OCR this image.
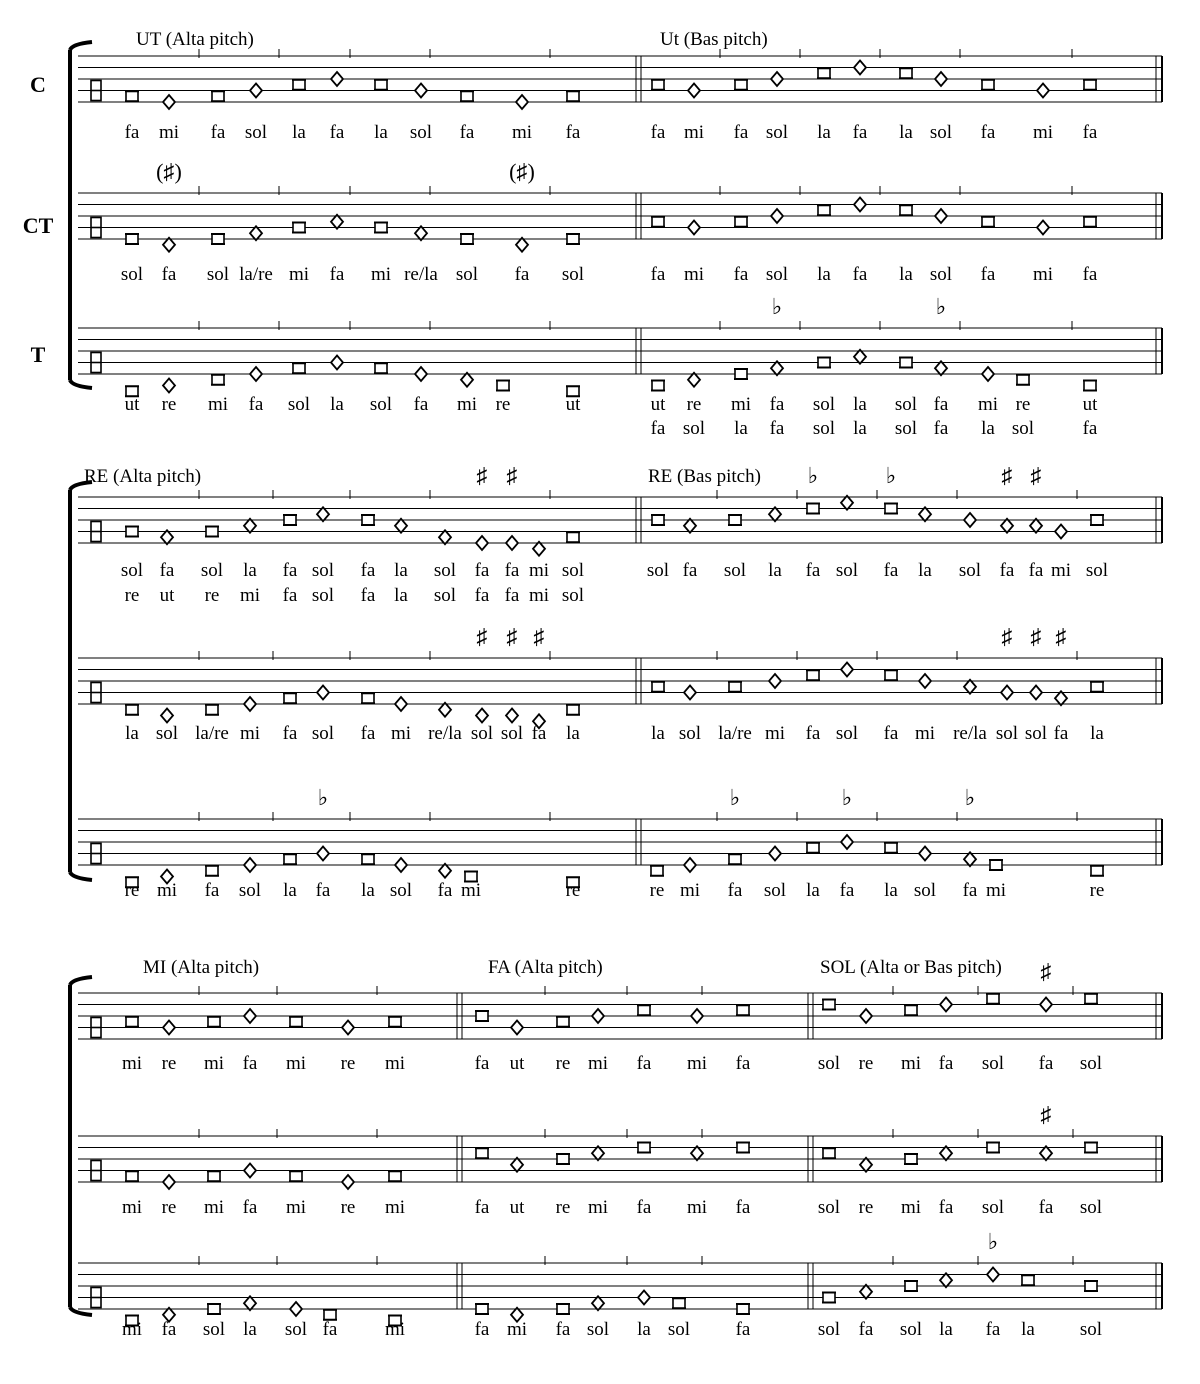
C
CT
T
UT (Alta pitch)
fa mi fa sol la fa la sol fa mi fa
(♯)	(♯)
sol fa sol la/re mi fa mi re/la sol fa sol
ut re mi fa sol la sol fa mi re	ut
Ut (Bas pitch)
fa mi fa sol la fa la sol fa mi fa
fa mi fa sol la fa la sol fa mi fa
♭	♭
ut re mi fa sol la sol fa mi re	ut
fa sol la fa sol la sol fa la sol	fa
RE (Alta pitch)	♯ ♯
sol fa sol la fa sol fa la sol fa fa mi sol
re ut re mi fa sol fa la sol fa fa mi sol
♯ ♯ ♯
la sol la/re mi fa sol fa mi re/la sol sol fa la
♭
re mi fa sol la fa la sol fa mi	re
RE (Bas pitch) ♭	♭	♯ ♯
sol fa sol la fa sol fa la sol fa fa mi sol
♯ ♯ ♯
la sol la/re mi fa sol fa mi re/la sol sol fa la
♭	♭	♭
re mi fa sol la fa la sol fa mi	re
MI (Alta pitch)
mi re mi fa mi re mi
mi re mi fa mi re mi
mi fa sol la sol fa	mi
FA (Alta pitch)
fa ut re mi fa mi fa
fa ut re mi fa mi fa
fa mi fa sol la sol fa
SOL (Alta or Bas pitch) ♯
sol re mi fa sol fa sol
♯
sol re mi fa sol fa sol
♭
sol fa sol la fa la sol
